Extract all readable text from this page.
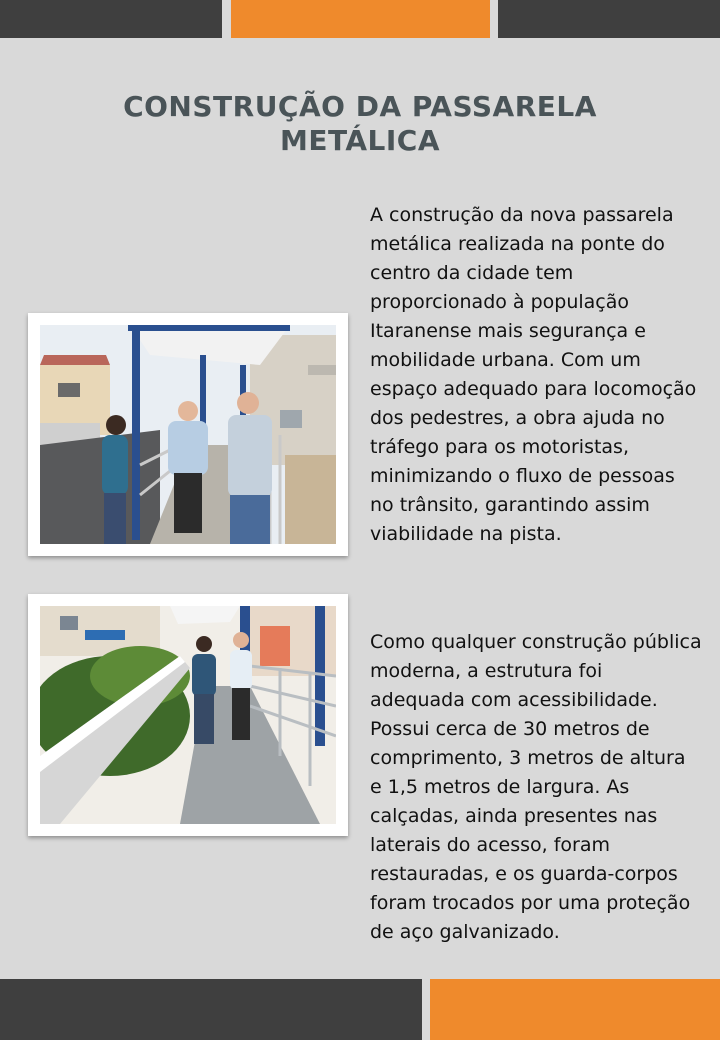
CONSTRUÇÃO DA PASSARELA METÁLICA

A construção da nova passarela metálica realizada na ponte do centro da cidade tem proporcionado à população Itaranense mais segurança e mobilidade urbana. Com um espaço adequado para locomoção dos pedestres, a obra ajuda no tráfego para os motoristas, minimizando o fluxo de pessoas no trânsito, garantindo assim viabilidade na pista.

Como qualquer construção pública moderna, a estrutura foi adequada com acessibilidade. Possui cerca de 30 metros de comprimento, 3 metros de altura e 1,5 metros de largura. As calçadas, ainda presentes nas laterais do acesso, foram restauradas, e os guarda-corpos foram trocados por uma proteção de aço galvanizado.
